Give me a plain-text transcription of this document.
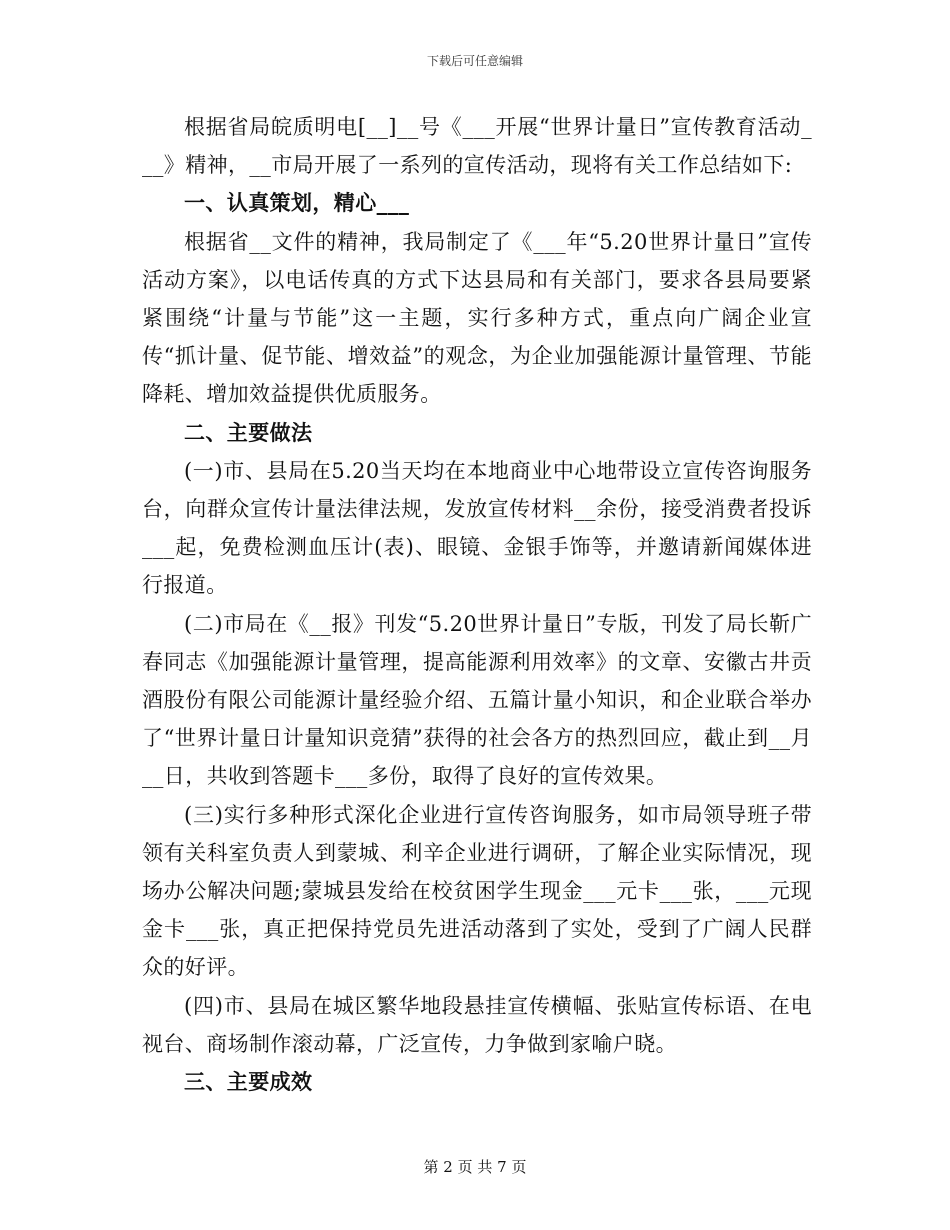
下载后可任意编辑

根据省局皖质明电[__]__号《___开展“世界计量日”宣传教育活动___》精神，__市局开展了一系列的宣传活动，现将有关工作总结如下:

一、认真策划，精心___

根据省__文件的精神，我局制定了《___年“5.20世界计量日”宣传活动方案》，以电话传真的方式下达县局和有关部门，要求各县局要紧紧围绕“计量与节能”这一主题，实行多种方式，重点向广阔企业宣传“抓计量、促节能、增效益”的观念，为企业加强能源计量管理、节能降耗、增加效益提供优质服务。

二、主要做法

(一)市、县局在5.20当天均在本地商业中心地带设立宣传咨询服务台，向群众宣传计量法律法规，发放宣传材料__余份，接受消费者投诉___起，免费检测血压计(表)、眼镜、金银手饰等，并邀请新闻媒体进行报道。

(二)市局在《__报》刊发“5.20世界计量日”专版，刊发了局长靳广春同志《加强能源计量管理，提高能源利用效率》的文章、安徽古井贡酒股份有限公司能源计量经验介绍、五篇计量小知识，和企业联合举办了“世界计量日计量知识竞猜”获得的社会各方的热烈回应，截止到__月__日，共收到答题卡___多份，取得了良好的宣传效果。

(三)实行多种形式深化企业进行宣传咨询服务，如市局领导班子带领有关科室负责人到蒙城、利辛企业进行调研，了解企业实际情况，现场办公解决问题;蒙城县发给在校贫困学生现金___元卡___张，___元现金卡___张，真正把保持党员先进活动落到了实处，受到了广阔人民群众的好评。

(四)市、县局在城区繁华地段悬挂宣传横幅、张贴宣传标语、在电视台、商场制作滚动幕，广泛宣传，力争做到家喻户晓。

三、主要成效

第 2 页 共 7 页
